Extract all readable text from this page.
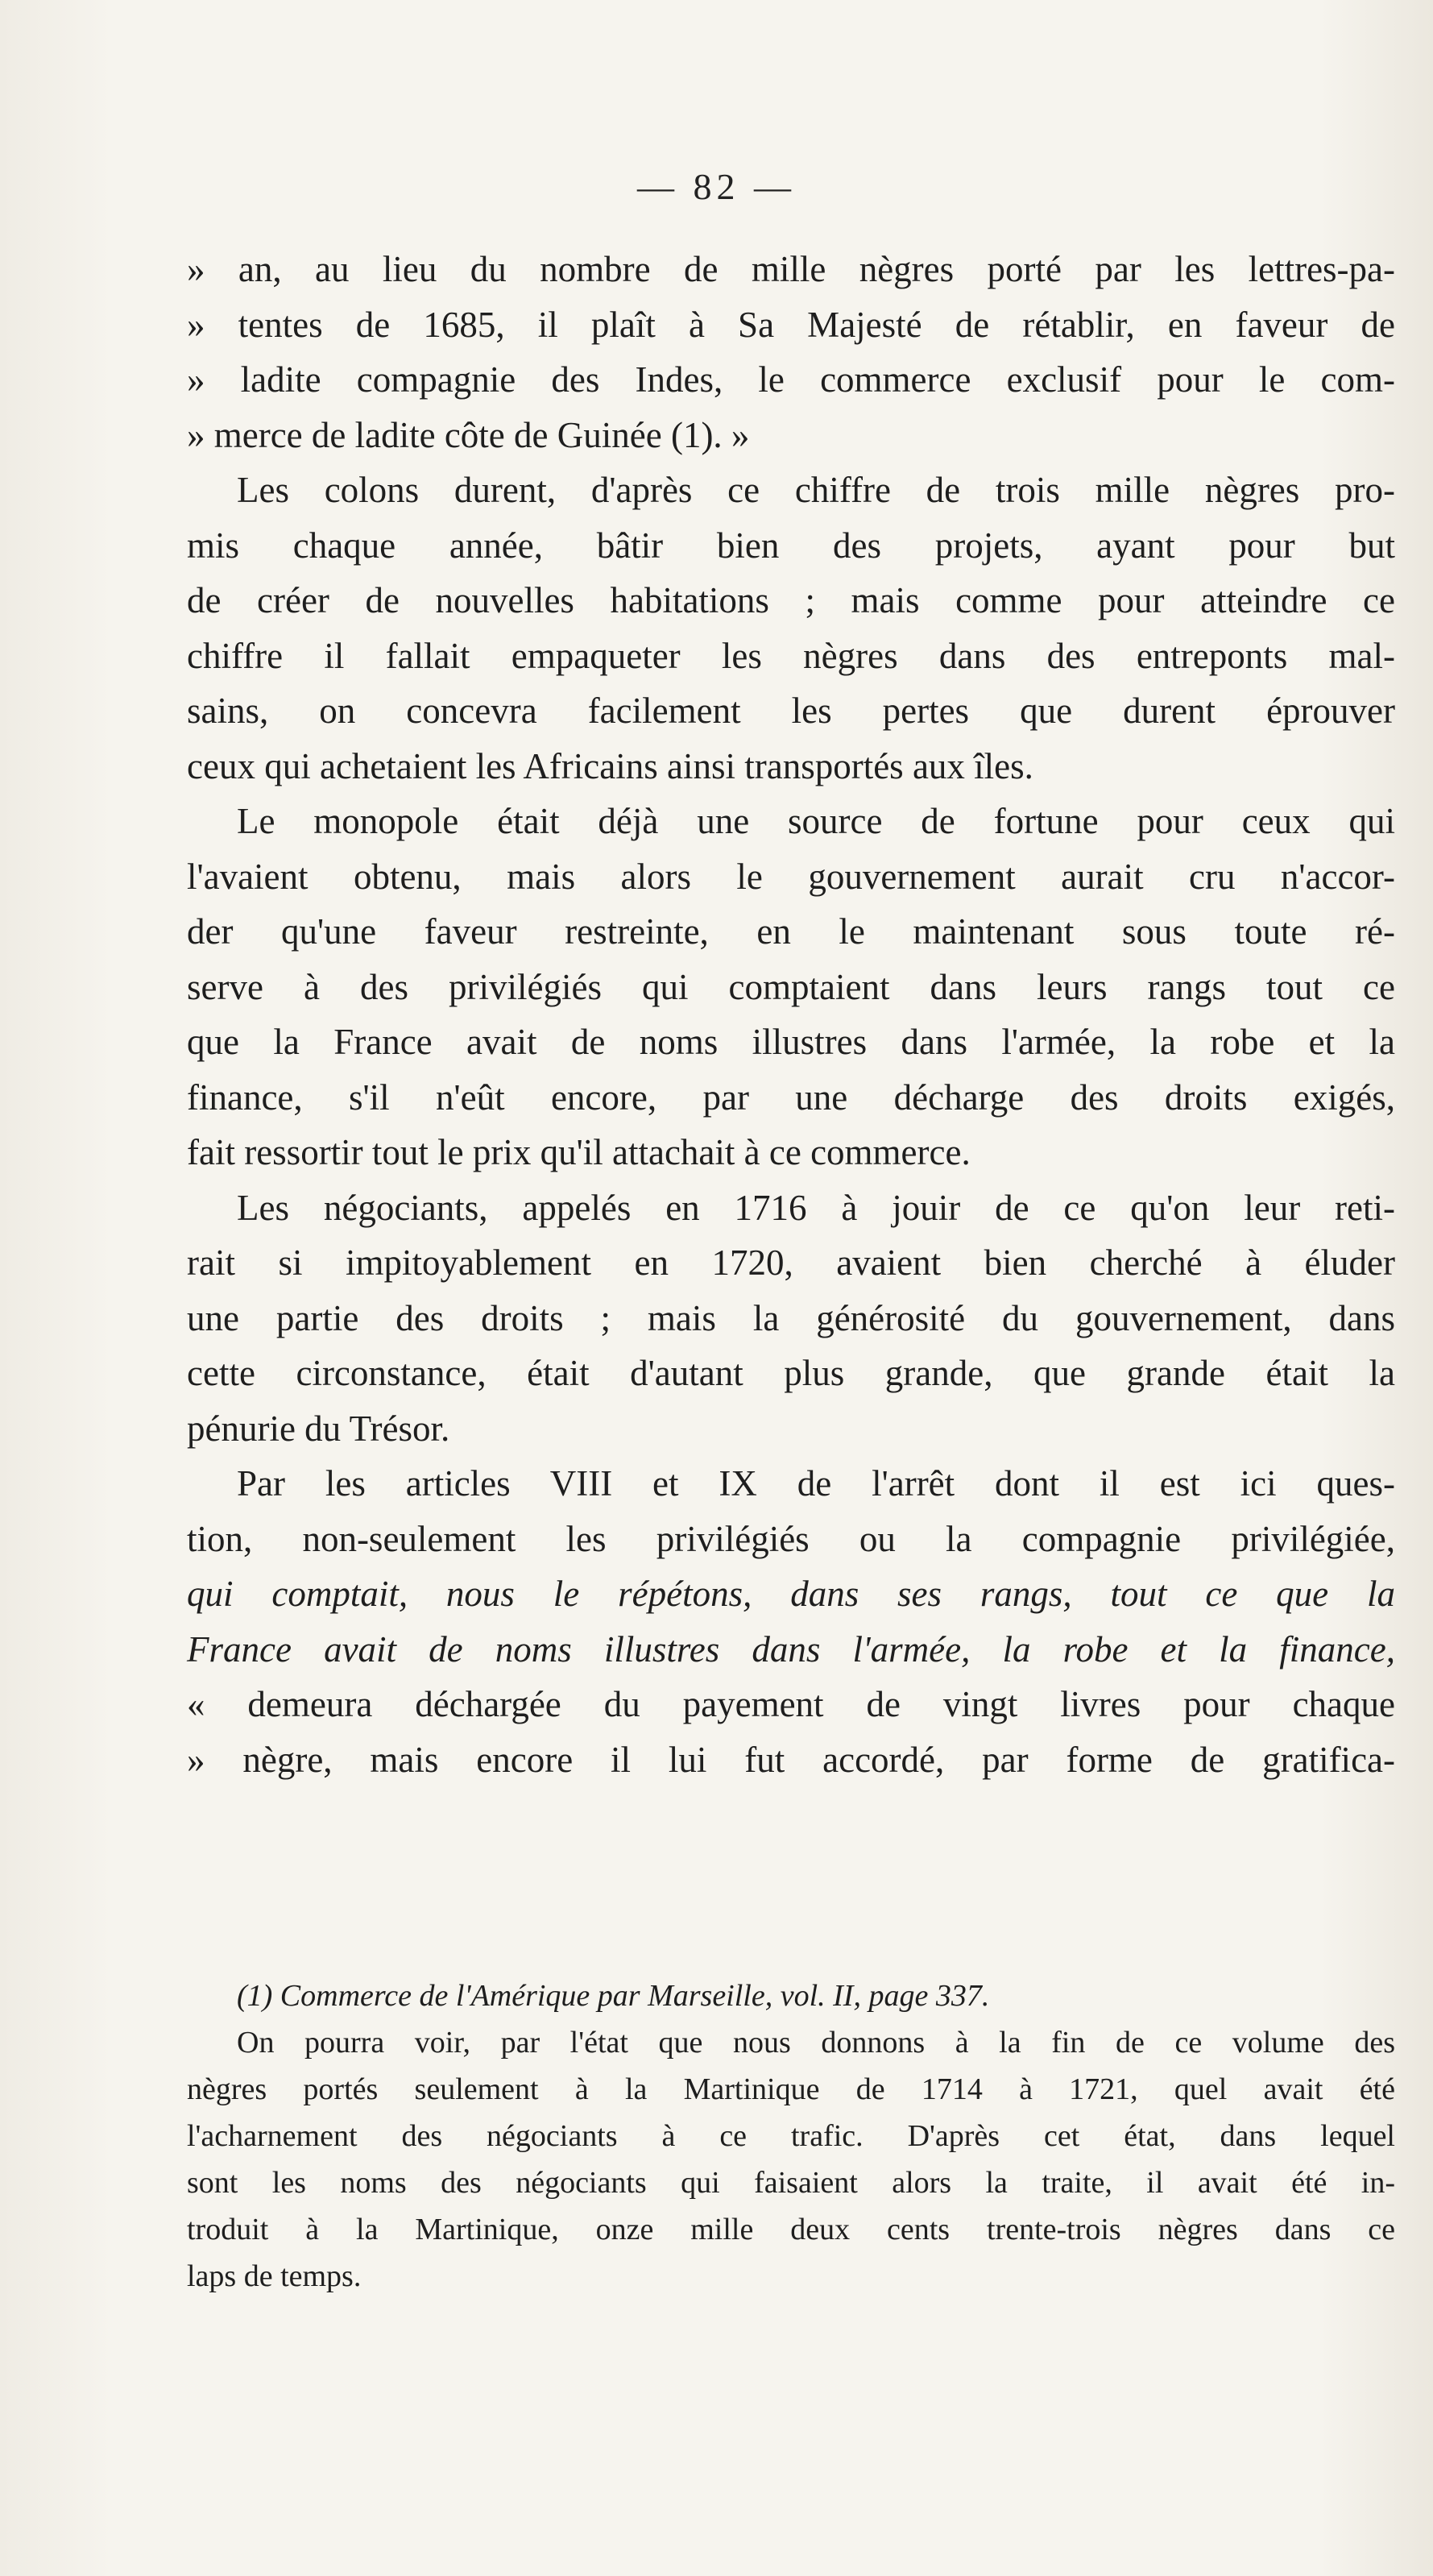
— 82 —
» an, au lieu du nombre de mille nègres porté par les lettres-pa-
» tentes de 1685, il plaît à Sa Majesté de rétablir, en faveur de
» ladite compagnie des Indes, le commerce exclusif pour le com-
» merce de ladite côte de Guinée (1). »
Les colons durent, d'après ce chiffre de trois mille nègres pro-
mis chaque année, bâtir bien des projets, ayant pour but
de créer de nouvelles habitations ; mais comme pour atteindre ce
chiffre il fallait empaqueter les nègres dans des entreponts mal-
sains, on concevra facilement les pertes que durent éprouver
ceux qui achetaient les Africains ainsi transportés aux îles.
Le monopole était déjà une source de fortune pour ceux qui
l'avaient obtenu, mais alors le gouvernement aurait cru n'accor-
der qu'une faveur restreinte, en le maintenant sous toute ré-
serve à des privilégiés qui comptaient dans leurs rangs tout ce
que la France avait de noms illustres dans l'armée, la robe et la
finance, s'il n'eût encore, par une décharge des droits exigés,
fait ressortir tout le prix qu'il attachait à ce commerce.
Les négociants, appelés en 1716 à jouir de ce qu'on leur reti-
rait si impitoyablement en 1720, avaient bien cherché à éluder
une partie des droits ; mais la générosité du gouvernement, dans
cette circonstance, était d'autant plus grande, que grande était la
pénurie du Trésor.
Par les articles VIII et IX de l'arrêt dont il est ici ques-
tion, non-seulement les privilégiés ou la compagnie privilégiée,
qui comptait, nous le répétons, dans ses rangs, tout ce que la
France avait de noms illustres dans l'armée, la robe et la finance,
« demeura déchargée du payement de vingt livres pour chaque
» nègre, mais encore il lui fut accordé, par forme de gratifica-
(1) Commerce de l'Amérique par Marseille, vol. II, page 337.
On pourra voir, par l'état que nous donnons à la fin de ce volume des
nègres portés seulement à la Martinique de 1714 à 1721, quel avait été
l'acharnement des négociants à ce trafic. D'après cet état, dans lequel
sont les noms des négociants qui faisaient alors la traite, il avait été in-
troduit à la Martinique, onze mille deux cents trente-trois nègres dans ce
laps de temps.
